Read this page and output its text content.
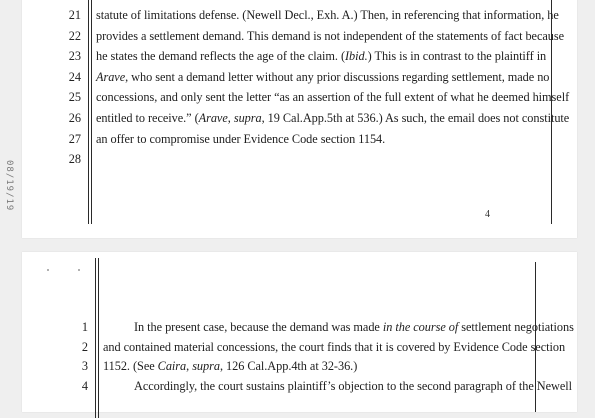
21
22
23
24
25
26
27
28
statute of limitations defense. (Newell Decl., Exh. A.) Then, in referencing that information, he
provides a settlement demand. This demand is not independent of the statements of fact because
he states the demand reflects the age of the claim. (Ibid.) This is in contrast to the plaintiff in
Arave, who sent a demand letter without any prior discussions regarding settlement, made no
concessions, and only sent the letter “as an assertion of the full extent of what he deemed himself
entitled to receive.” (Arave, supra, 19 Cal.App.5th at 536.) As such, the email does not constitute
an offer to compromise under Evidence Code section 1154.
08/19/19
4
1
2
3
4
In the present case, because the demand was made in the course of settlement negotiations
and contained material concessions, the court finds that it is covered by Evidence Code section
1152. (See Caira, supra, 126 Cal.App.4th at 32-36.)
Accordingly, the court sustains plaintiff’s objection to the second paragraph of the Newell
